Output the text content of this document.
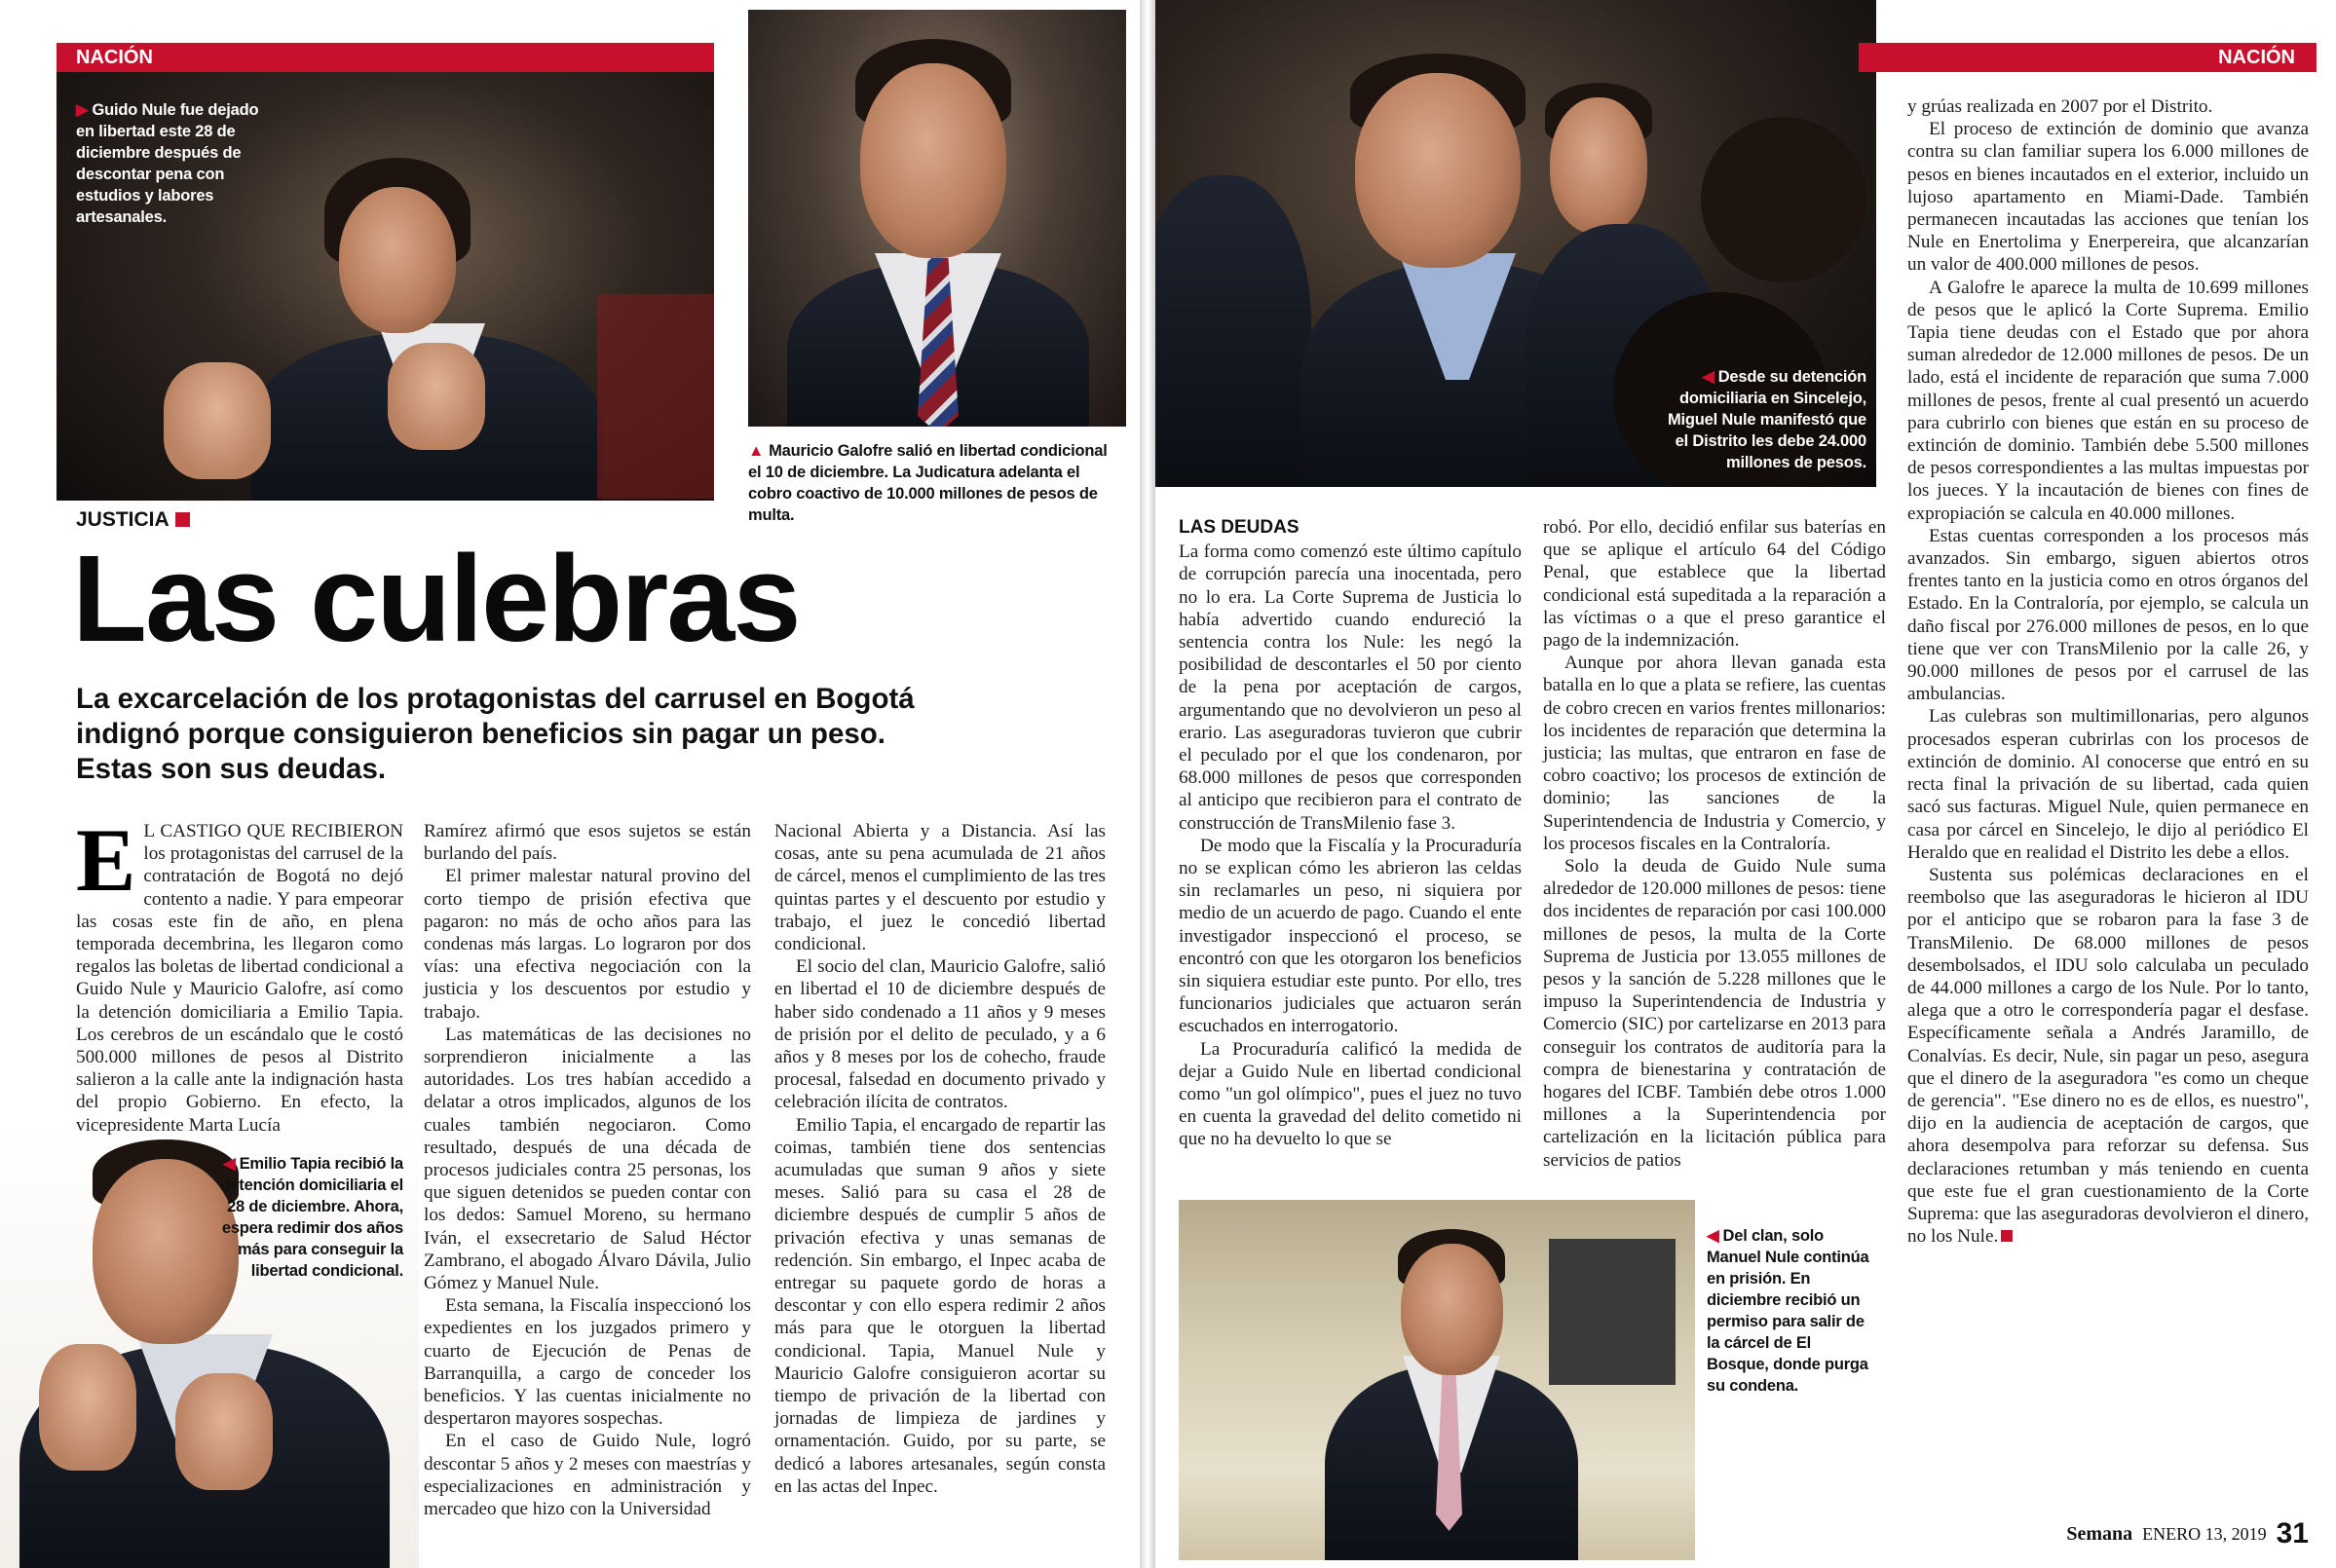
NACIÓN
▶ Guido Nule fue dejado en libertad este 28 de diciembre después de descontar pena con estudios y labores artesanales.
▲ Mauricio Galofre salió en libertad condicional el 10 de diciembre. La Judicatura adelanta el cobro coactivo de 10.000 millones de pesos de multa.
JUSTICIA
Las culebras
La excarcelación de los protagonistas del carrusel en Bogotá indignó porque consiguieron beneficios sin pagar un peso. Estas son sus deudas.
E L CASTIGO QUE RECIBIERON los protagonistas del carrusel de la contratación de Bogotá no dejó contento a nadie. Y para empeorar las cosas este fin de año, en plena temporada decembrina, les llegaron como regalos las boletas de libertad condicional a Guido Nule y Mauricio Galofre, así como la detención domiciliaria a Emilio Tapia. Los cerebros de un escándalo que le costó 500.000 millones de pesos al Distrito salieron a la calle ante la indignación hasta del propio Gobierno. En efecto, la vicepresidente Marta Lucía

◀ Emilio Tapia recibió la detención domiciliaria el 28 de diciembre. Ahora, espera redimir dos años más para conseguir la libertad condicional.

Ramírez afirmó que esos sujetos se están burlando del país.

El primer malestar natural provino del corto tiempo de prisión efectiva que pagaron: no más de ocho años para las condenas más largas. Lo lograron por dos vías: una efectiva negociación con la justicia y los descuentos por estudio y trabajo.

Las matemáticas de las decisiones no sorprendieron inicialmente a las autoridades. Los tres habían accedido a delatar a otros implicados, algunos de los cuales también negociaron. Como resultado, después de una década de procesos judiciales contra 25 personas, los que siguen detenidos se pueden contar con los dedos: Samuel Moreno, su hermano Iván, el exsecretario de Salud Héctor Zambrano, el abogado Álvaro Dávila, Julio Gómez y Manuel Nule.

Esta semana, la Fiscalía inspeccionó los expedientes en los juzgados primero y cuarto de Ejecución de Penas de Barranquilla, a cargo de conceder los beneficios. Y las cuentas inicialmente no despertaron mayores sospechas.

En el caso de Guido Nule, logró descontar 5 años y 2 meses con maestrías y especializaciones en administración y mercadeo que hizo con la Universidad

Nacional Abierta y a Distancia. Así las cosas, ante su pena acumulada de 21 años de cárcel, menos el cumplimiento de las tres quintas partes y el descuento por estudio y trabajo, el juez le concedió libertad condicional.

El socio del clan, Mauricio Galofre, salió en libertad el 10 de diciembre después de haber sido condenado a 11 años y 9 meses de prisión por el delito de peculado, y a 6 años y 8 meses por los de cohecho, fraude procesal, falsedad en documento privado y celebración ilícita de contratos.

Emilio Tapia, el encargado de repartir las coimas, también tiene dos sentencias acumuladas que suman 9 años y siete meses. Salió para su casa el 28 de diciembre después de cumplir 5 años de privación efectiva y unas semanas de redención. Sin embargo, el Inpec acaba de entregar su paquete gordo de horas a descontar y con ello espera redimir 2 años más para que le otorguen la libertad condicional. Tapia, Manuel Nule y Mauricio Galofre consiguieron acortar su tiempo de privación de la libertad con jornadas de limpieza de jardines y ornamentación. Guido, por su parte, se dedicó a labores artesanales, según consta en las actas del Inpec.

NACIÓN
◀ Desde su detención domiciliaria en Sincelejo, Miguel Nule manifestó que el Distrito les debe 24.000 millones de pesos.
LAS DEUDAS

La forma como comenzó este último capítulo de corrupción parecía una inocentada, pero no lo era. La Corte Suprema de Justicia lo había advertido cuando endureció la sentencia contra los Nule: les negó la posibilidad de descontarles el 50 por ciento de la pena por aceptación de cargos, argumentando que no devolvieron un peso al erario. Las aseguradoras tuvieron que cubrir el peculado por el que los condenaron, por 68.000 millones de pesos que corresponden al anticipo que recibieron para el contrato de construcción de TransMilenio fase 3.

De modo que la Fiscalía y la Procuraduría no se explican cómo les abrieron las celdas sin reclamarles un peso, ni siquiera por medio de un acuerdo de pago. Cuando el ente investigador inspeccionó el proceso, se encontró con que les otorgaron los beneficios sin siquiera estudiar este punto. Por ello, tres funcionarios judiciales que actuaron serán escuchados en interrogatorio.

La Procuraduría calificó la medida de dejar a Guido Nule en libertad condicional como "un gol olímpico", pues el juez no tuvo en cuenta la gravedad del delito cometido ni que no ha devuelto lo que se

robó. Por ello, decidió enfilar sus baterías en que se aplique el artículo 64 del Código Penal, que establece que la libertad condicional está supeditada a la reparación a las víctimas o a que el preso garantice el pago de la indemnización.

Aunque por ahora llevan ganada esta batalla en lo que a plata se refiere, las cuentas de cobro crecen en varios frentes millonarios: los incidentes de reparación que determina la justicia; las multas, que entraron en fase de cobro coactivo; los procesos de extinción de dominio; las sanciones de la Superintendencia de Industria y Comercio, y los procesos fiscales en la Contraloría.

Solo la deuda de Guido Nule suma alrededor de 120.000 millones de pesos: tiene dos incidentes de reparación por casi 100.000 millones de pesos, la multa de la Corte Suprema de Justicia por 13.055 millones de pesos y la sanción de 5.228 millones que le impuso la Superintendencia de Industria y Comercio (SIC) por cartelizarse en 2013 para conseguir los contratos de auditoría para la compra de bienestarina y contratación de hogares del ICBF. También debe otros 1.000 millones a la Superintendencia por cartelización en la licitación pública para servicios de patios

◀ Del clan, solo Manuel Nule continúa en prisión. En diciembre recibió un permiso para salir de la cárcel de El Bosque, donde purga su condena.

y grúas realizada en 2007 por el Distrito.

El proceso de extinción de dominio que avanza contra su clan familiar supera los 6.000 millones de pesos en bienes incautados en el exterior, incluido un lujoso apartamento en Miami-Dade. También permanecen incautadas las acciones que tenían los Nule en Enertolima y Enerpereira, que alcanzarían un valor de 400.000 millones de pesos.

A Galofre le aparece la multa de 10.699 millones de pesos que le aplicó la Corte Suprema. Emilio Tapia tiene deudas con el Estado que por ahora suman alrededor de 12.000 millones de pesos. De un lado, está el incidente de reparación que suma 7.000 millones de pesos, frente al cual presentó un acuerdo para cubrirlo con bienes que están en su proceso de extinción de dominio. También debe 5.500 millones de pesos correspondientes a las multas impuestas por los jueces. Y la incautación de bienes con fines de expropiación se calcula en 40.000 millones.

Estas cuentas corresponden a los procesos más avanzados. Sin embargo, siguen abiertos otros frentes tanto en la justicia como en otros órganos del Estado. En la Contraloría, por ejemplo, se calcula un daño fiscal por 276.000 millones de pesos, en lo que tiene que ver con TransMilenio por la calle 26, y 90.000 millones de pesos por el carrusel de las ambulancias.

Las culebras son multimillonarias, pero algunos procesados esperan cubrirlas con los procesos de extinción de dominio. Al conocerse que entró en su recta final la privación de su libertad, cada quien sacó sus facturas. Miguel Nule, quien permanece en casa por cárcel en Sincelejo, le dijo al periódico El Heraldo que en realidad el Distrito les debe a ellos.

Sustenta sus polémicas declaraciones en el reembolso que las aseguradoras le hicieron al IDU por el anticipo que se robaron para la fase 3 de TransMilenio. De 68.000 millones de pesos desembolsados, el IDU solo calculaba un peculado de 44.000 millones a cargo de los Nule. Por lo tanto, alega que a otro le correspondería pagar el desfase. Específicamente señala a Andrés Jaramillo, de Conalvías. Es decir, Nule, sin pagar un peso, asegura que el dinero de la aseguradora "es como un cheque de gerencia". "Ese dinero no es de ellos, es nuestro", dijo en la audiencia de aceptación de cargos, que ahora desempolva para reforzar su defensa. Sus declaraciones retumban y más teniendo en cuenta que este fue el gran cuestionamiento de la Corte Suprema: que las aseguradoras devolvieron el dinero, no los Nule.

Semana ENERO 13, 2019 31
